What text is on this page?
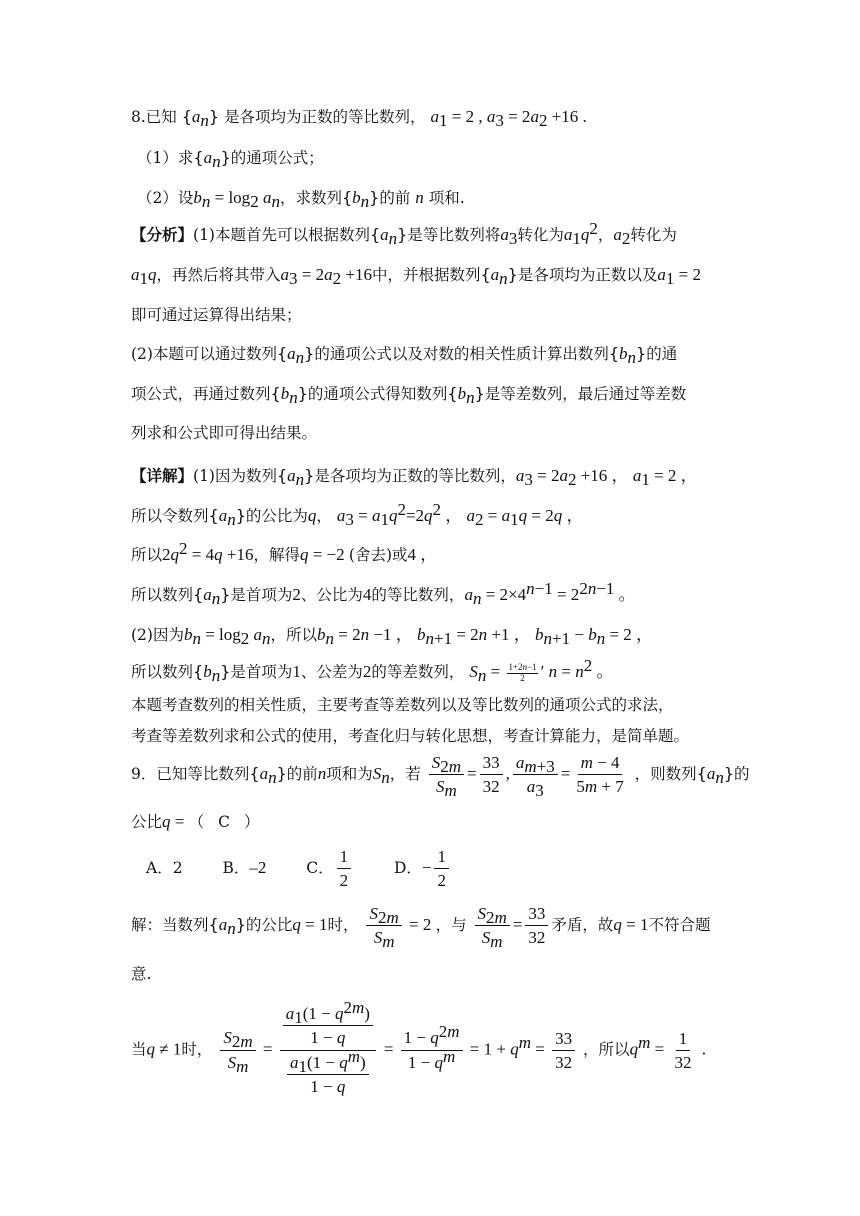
8.已知 $\{a_n\}$ 是各项均为正数的等比数列， $a_1 = 2$ , $a_3 = 2a_2 +16$ .
（1）求$\{a_n\}$的通项公式；
（2）设$b_n = \log_2 a_n$，求数列$\{b_n\}$的前 n 项和.
【分析】(1)本题首先可以根据数列$\{a_n\}$是等比数列将$a_3$转化为$a_1q^2$，$a_2$转化为
$a_1q$，再然后将其带入$a_3 = 2a_2 +16$中，并根据数列$\{a_n\}$是各项均为正数以及$a_1 = 2$
即可通过运算得出结果；
(2)本题可以通过数列$\{a_n\}$的通项公式以及对数的相关性质计算出数列$\{b_n\}$的通
项公式，再通过数列$\{b_n\}$的通项公式得知数列$\{b_n\}$是等差数列，最后通过等差数
列求和公式即可得出结果。
【详解】(1)因为数列$\{a_n\}$是各项均为正数的等比数列，$a_3 = 2a_2 +16$ ， $a_1 = 2$ ，
所以令数列$\{a_n\}$的公比为q， $a_3 = a_1q^2=2q^2$ ， $a_2 = a_1q = 2q$ ，
所以$2q^2 = 4q +16$，解得q = −2 (舍去)或4 ，
所以数列$\{a_n\}$是首项为2、公比为4的等比数列，$a_n = 2\times 4^{n-1} = 2^{2n-1}$ 。
(2)因为$b_n = \log_2 a_n$，所以$b_n = 2n -1$ ， $b_{n+1} = 2n +1$ ， $b_{n+1} - b_n = 2$ ，
所以数列$\{b_n\}$是首项为1、公差为2的等差数列， $S_n = \frac{1+2n-1}{2}$ ′ $n = n^2$ 。
本题考查数列的相关性质，主要考查等差数列以及等比数列的通项公式的求法，
考查等差数列求和公式的使用，考查化归与转化思想，考查计算能力，是简单题。
9．已知等比数列$\{a_n\}$的前n项和为$S_n$，若 $\frac{S_{2m}}{S_m} = \frac{33}{32}$ , $\frac{a_{m+3}}{a_3} = \frac{m - 4}{5m + 7}$ ，则数列$\{a_n\}$的
公比q = （ C ）
A．2	B．–2	C． $\frac{1}{2}$	D．− $\frac{1}{2}$
解：当数列$\{a_n\}$的公比q = 1时， $\frac{S_{2m}}{S_m} = 2$ ，与 $\frac{S_{2m}}{S_m} = \frac{33}{32}$ 矛盾，故q = 1不符合题
意.
当q ≠ 1时， $\frac{S_{2m}}{S_m} = \frac{\frac{a_1(1 - q^{2m})}{1 - q}}{\frac{a_1(1 - q^m)}{1 - q}} = \frac{1 - q^{2m}}{1 - q^m} = 1 + q^m = \frac{33}{32}$ ，所以$q^m = \frac{1}{32}$ .
